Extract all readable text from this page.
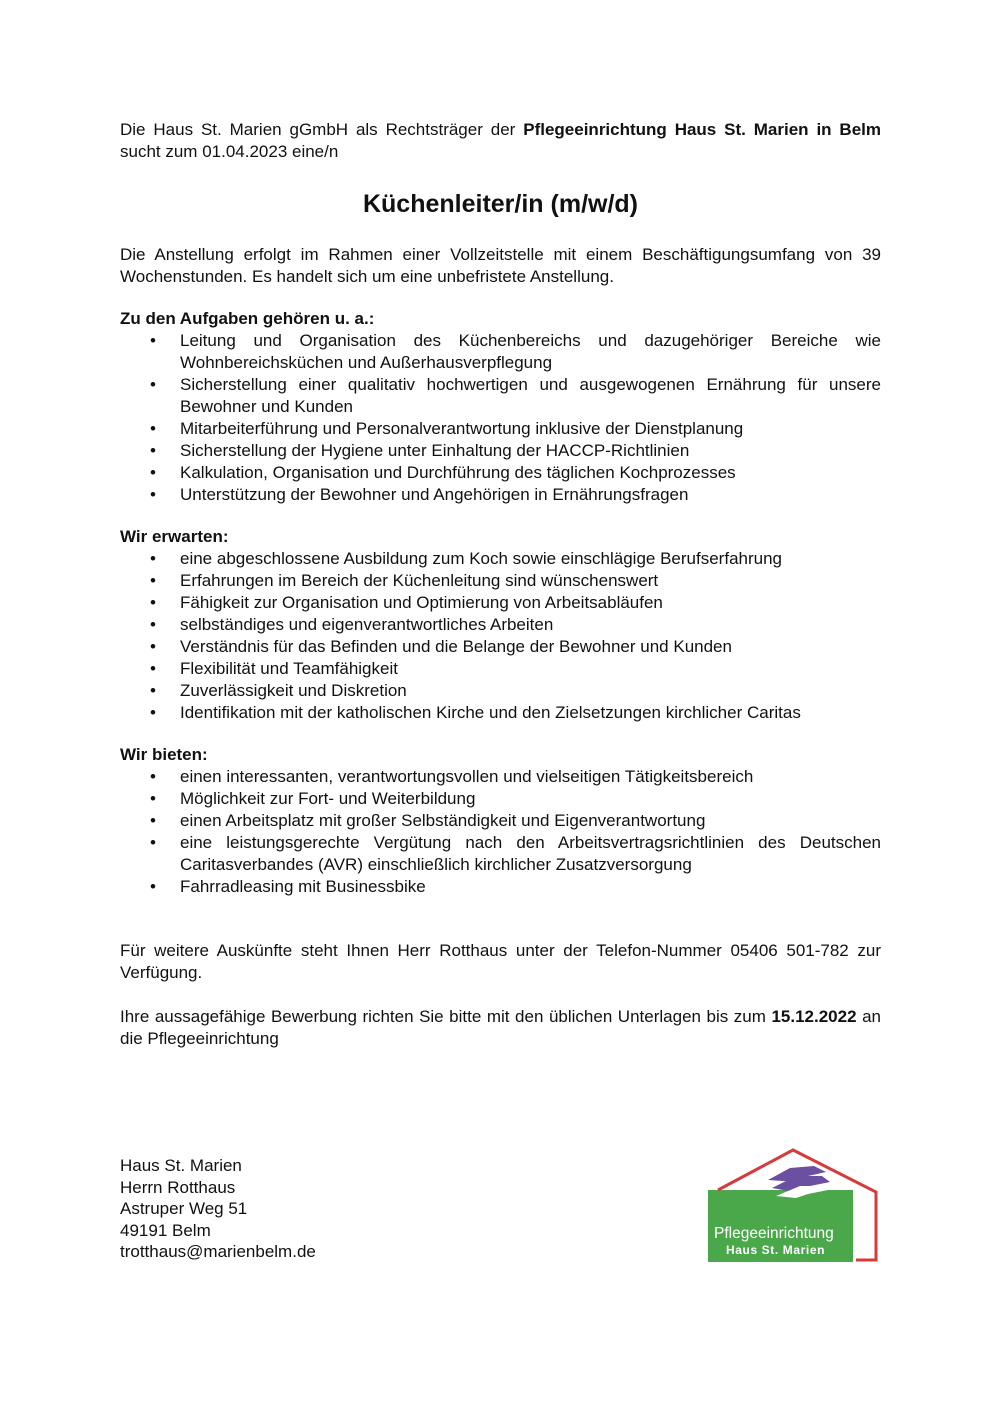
Die Haus St. Marien gGmbH als Rechtsträger der Pflegeeinrichtung Haus St. Marien in Belm sucht zum 01.04.2023 eine/n

Küchenleiter/in (m/w/d)

Die Anstellung erfolgt im Rahmen einer Vollzeitstelle mit einem Beschäftigungsumfang von 39 Wochenstunden. Es handelt sich um eine unbefristete Anstellung.

Zu den Aufgaben gehören u. a.:
• Leitung und Organisation des Küchenbereichs und dazugehöriger Bereiche wie Wohnbereichsküchen und Außerhausverpflegung
• Sicherstellung einer qualitativ hochwertigen und ausgewogenen Ernährung für unsere Bewohner und Kunden
• Mitarbeiterführung und Personalverantwortung inklusive der Dienstplanung
• Sicherstellung der Hygiene unter Einhaltung der HACCP-Richtlinien
• Kalkulation, Organisation und Durchführung des täglichen Kochprozesses
• Unterstützung der Bewohner und Angehörigen in Ernährungsfragen
Wir erwarten:
• eine abgeschlossene Ausbildung zum Koch sowie einschlägige Berufserfahrung
• Erfahrungen im Bereich der Küchenleitung sind wünschenswert
• Fähigkeit zur Organisation und Optimierung von Arbeitsabläufen
• selbständiges und eigenverantwortliches Arbeiten
• Verständnis für das Befinden und die Belange der Bewohner und Kunden
• Flexibilität und Teamfähigkeit
• Zuverlässigkeit und Diskretion
• Identifikation mit der katholischen Kirche und den Zielsetzungen kirchlicher Caritas
Wir bieten:
• einen interessanten, verantwortungsvollen und vielseitigen Tätigkeitsbereich
• Möglichkeit zur Fort- und Weiterbildung
• einen Arbeitsplatz mit großer Selbständigkeit und Eigenverantwortung
• eine leistungsgerechte Vergütung nach den Arbeitsvertragsrichtlinien des Deutschen Caritasverbandes (AVR) einschließlich kirchlicher Zusatzversorgung
• Fahrradleasing mit Businessbike

Für weitere Auskünfte steht Ihnen Herr Rotthaus unter der Telefon-Nummer 05406 501-782 zur Verfügung.

Ihre aussagefähige Bewerbung richten Sie bitte mit den üblichen Unterlagen bis zum 15.12.2022 an die Pflegeeinrichtung

Haus St. Marien
Herrn Rotthaus
Astruper Weg 51
49191 Belm
trotthaus@marienbelm.de
Pflegeeinrichtung
Haus St. Marien
